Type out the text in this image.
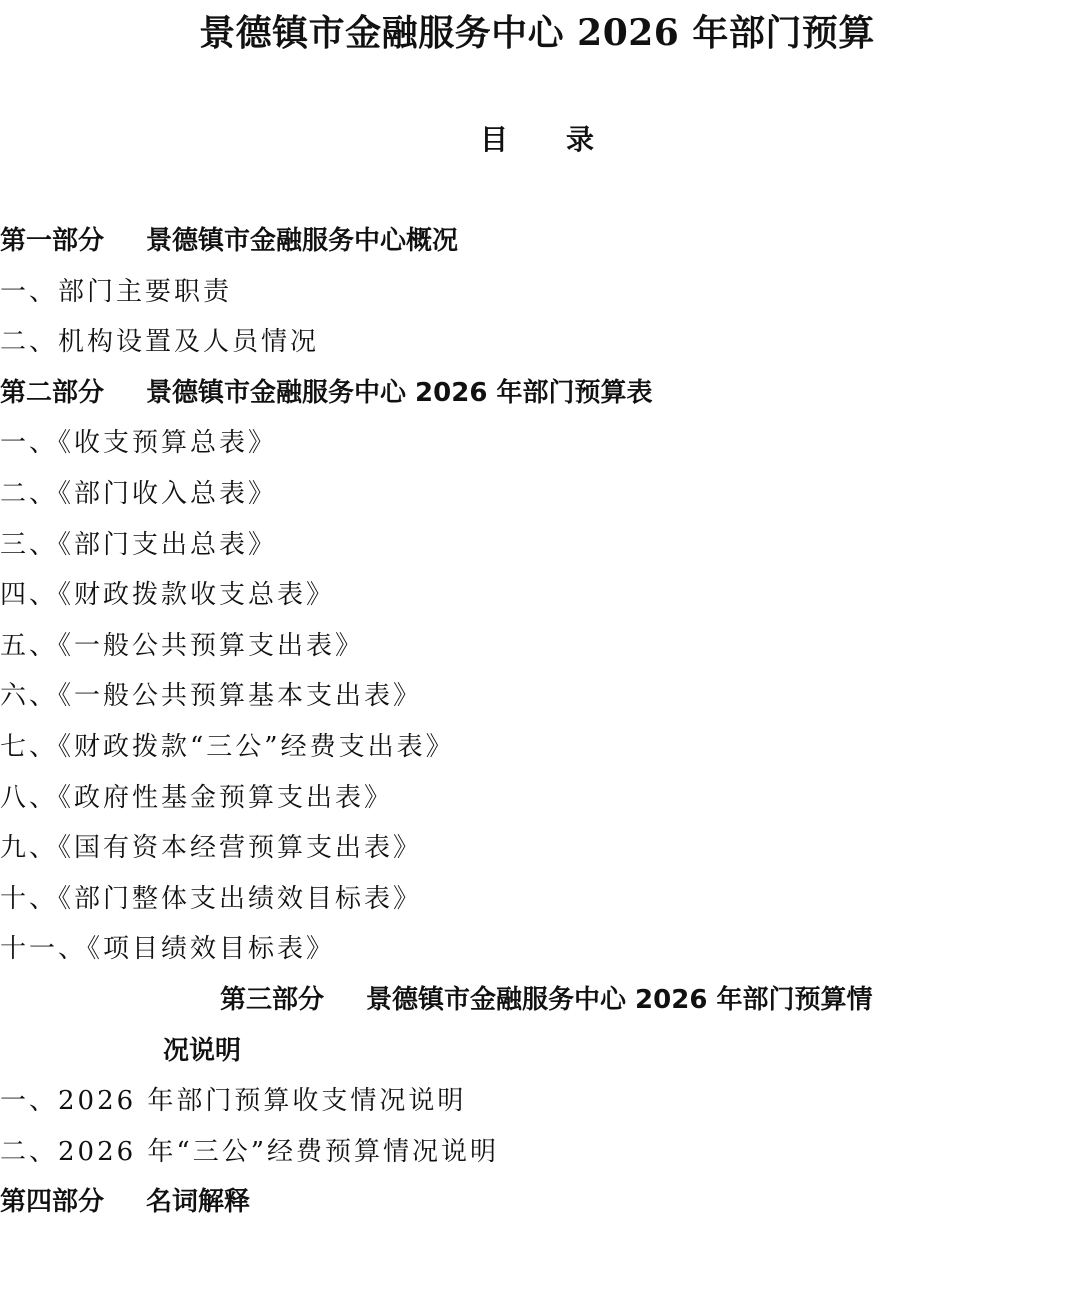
景德镇市金融服务中心 2026 年部门预算
目 录
第一部分 景德镇市金融服务中心概况
一、部门主要职责
二、机构设置及人员情况
第二部分 景德镇市金融服务中心 2026 年部门预算表
一、《收支预算总表》
二、《部门收入总表》
三、《部门支出总表》
四、《财政拨款收支总表》
五、《一般公共预算支出表》
六、《一般公共预算基本支出表》
七、《财政拨款“三公”经费支出表》
八、《政府性基金预算支出表》
九、《国有资本经营预算支出表》
十、《部门整体支出绩效目标表》
十一、《项目绩效目标表》
第三部分 景德镇市金融服务中心 2026 年部门预算情
况说明
一、2026 年部门预算收支情况说明
二、2026 年“三公”经费预算情况说明
第四部分 名词解释
